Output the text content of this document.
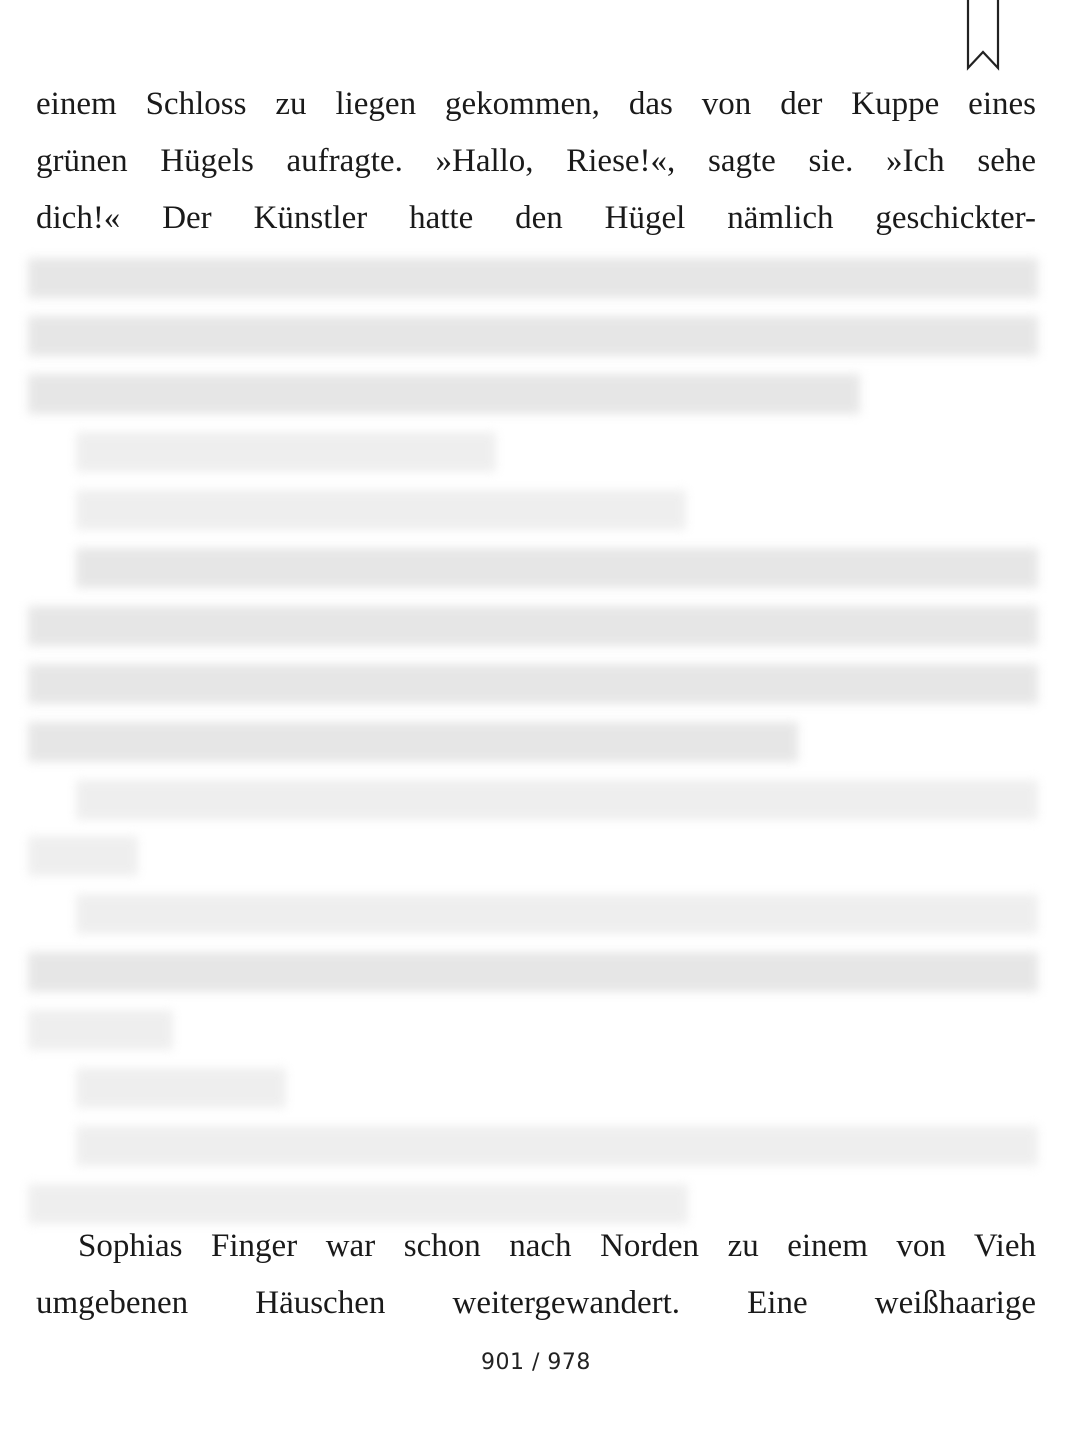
einem Schloss zu liegen gekommen, das von der Kuppe eines
grünen Hügels aufragte. »Hallo, Riese!«, sagte sie. »Ich sehe
dich!« Der Künstler hatte den Hügel nämlich geschickter-
Sophias Finger war schon nach Norden zu einem von Vieh
umgebenen Häuschen weitergewandert. Eine weißhaarige
901 / 978
